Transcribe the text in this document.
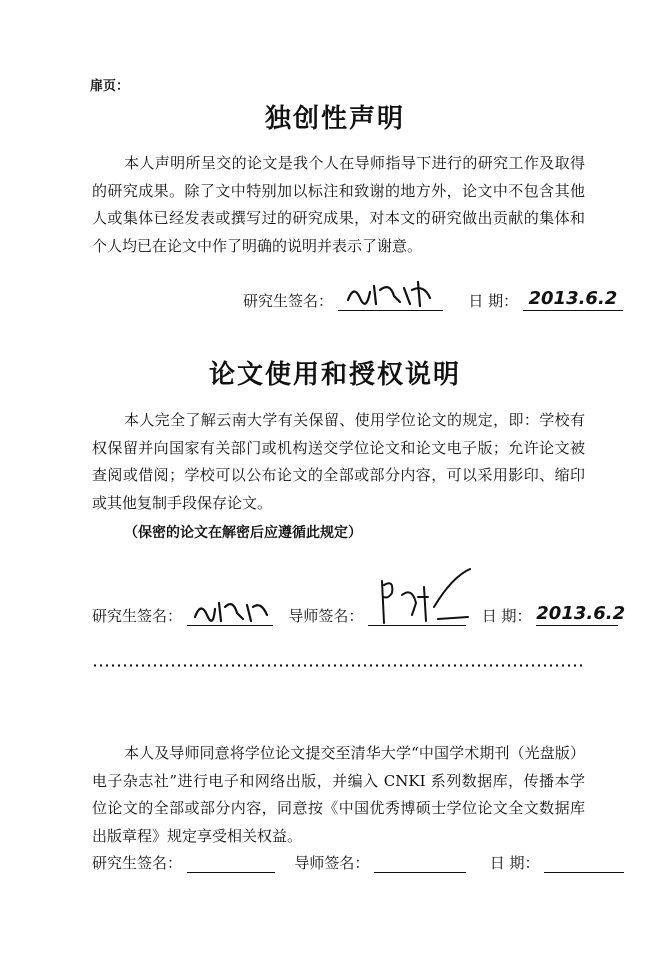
扉页：
独创性声明
本人声明所呈交的论文是我个人在导师指导下进行的研究工作及取得的研究成果。除了文中特别加以标注和致谢的地方外，论文中不包含其他人或集体已经发表或撰写过的研究成果，对本文的研究做出贡献的集体和个人均已在论文中作了明确的说明并表示了谢意。
研究生签名：	日 期： 2013.6.2
论文使用和授权说明
本人完全了解云南大学有关保留、使用学位论文的规定，即：学校有权保留并向国家有关部门或机构送交学位论文和论文电子版；允许论文被查阅或借阅；学校可以公布论文的全部或部分内容，可以采用影印、缩印或其他复制手段保存论文。
（保密的论文在解密后应遵循此规定）
研究生签名：	导师签名：	日 期： 2013.6.2
本人及导师同意将学位论文提交至清华大学“中国学术期刊（光盘版）电子杂志社”进行电子和网络出版，并编入 CNKI 系列数据库，传播本学位论文的全部或部分内容，同意按《中国优秀博硕士学位论文全文数据库出版章程》规定享受相关权益。
研究生签名：	导师签名：	日 期：
